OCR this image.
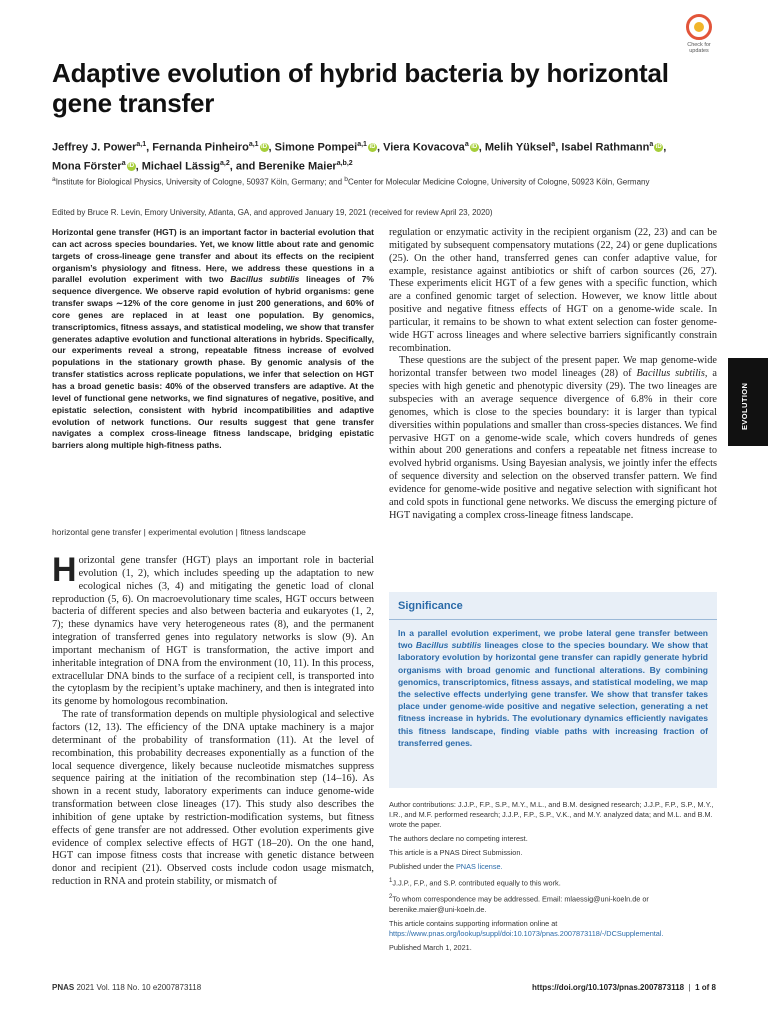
Check for updates
Adaptive evolution of hybrid bacteria by horizontal gene transfer
Jeffrey J. Power$^{a,1}$, Fernanda Pinheiro$^{a,1}$ iD , Simone Pompei$^{a,1}$ iD , Viera Kovacova$^a$ iD , Melih Yüksel$^a$, Isabel Rathmann$^a$ iD , Mona Förster$^a$ iD , Michael Lässig$^{a,2}$, and Berenike Maier$^{a,b,2}$
$^a$Institute for Biological Physics, University of Cologne, 50937 Köln, Germany; and $^b$Center for Molecular Medicine Cologne, University of Cologne, 50923 Köln, Germany
Edited by Bruce R. Levin, Emory University, Atlanta, GA, and approved January 19, 2021 (received for review April 23, 2020)
Horizontal gene transfer (HGT) is an important factor in bacterial evolution that can act across species boundaries. Yet, we know little about rate and genomic targets of cross-lineage gene transfer and about its effects on the recipient organism’s physiology and fitness. Here, we address these questions in a parallel evolution experiment with two Bacillus subtilis lineages of 7% sequence divergence. We observe rapid evolution of hybrid organisms: gene transfer swaps ∼12% of the core genome in just 200 generations, and 60% of core genes are replaced in at least one population. By genomics, transcriptomics, fitness assays, and statistical modeling, we show that transfer generates adaptive evolution and functional alterations in hybrids. Specifically, our experiments reveal a strong, repeatable fitness increase of evolved populations in the stationary growth phase. By genomic analysis of the transfer statistics across replicate populations, we infer that selection on HGT has a broad genetic basis: 40% of the observed transfers are adaptive. At the level of functional gene networks, we find signatures of negative, positive, and epistatic selection, consistent with hybrid incompatibilities and adaptive evolution of network functions. Our results suggest that gene transfer navigates a complex cross-lineage fitness landscape, bridging epistatic barriers along multiple high-fitness paths.
horizontal gene transfer | experimental evolution | fitness landscape

Horizontal gene transfer (HGT) plays an important role in bacterial evolution (1, 2), which includes speeding up the adaptation to new ecological niches (3, 4) and mitigating the genetic load of clonal reproduction (5, 6). On macroevolutionary time scales, HGT occurs between bacteria of different species and also between bacteria and eukaryotes (1, 2, 7); these dynamics have very heterogeneous rates (8), and the permanent integration of transferred genes into regulatory networks is slow (9). An important mechanism of HGT is transformation, the active import and inheritable integration of DNA from the environment (10, 11). In this process, extracellular DNA binds to the surface of a recipient cell, is transported into the cytoplasm by the recipient’s uptake machinery, and then is integrated into its genome by homologous recombination.

The rate of transformation depends on multiple physiological and selective factors (12, 13). The efficiency of the DNA uptake machinery is a major determinant of the probability of transformation (11). At the level of recombination, this probability decreases exponentially as a function of the local sequence divergence, likely because nucleotide mismatches suppress sequence pairing at the initiation of the recombination step (14–16). As shown in a recent study, laboratory experiments can induce genome-wide transformation between close lineages (17). This study also describes the inhibition of gene uptake by restriction-modification systems, but fitness effects of gene transfer are not addressed. Other evolution experiments give evidence of complex selective effects of HGT (18–20). On the one hand, HGT can impose fitness costs that increase with genetic distance between donor and recipient (21). Observed costs include codon usage mismatch, reduction in RNA and protein stability, or mismatch of

regulation or enzymatic activity in the recipient organism (22, 23) and can be mitigated by subsequent compensatory mutations (22, 24) or gene duplications (25). On the other hand, transferred genes can confer adaptive value, for example, resistance against antibiotics or shift of carbon sources (26, 27). These experiments elicit HGT of a few genes with a specific function, which are a confined genomic target of selection. However, we know little about positive and negative fitness effects of HGT on a genome-wide scale. In particular, it remains to be shown to what extent selection can foster genome-wide HGT across lineages and where selective barriers significantly constrain recombination.

These questions are the subject of the present paper. We map genome-wide horizontal transfer between two model lineages (28) of Bacillus subtilis, a species with high genetic and phenotypic diversity (29). The two lineages are subspecies with an average sequence divergence of 6.8% in their core genomes, which is close to the species boundary: it is larger than typical diversities within populations and smaller than cross-species distances. We find pervasive HGT on a genome-wide scale, which covers hundreds of genes within about 200 generations and confers a repeatable net fitness increase to evolved hybrid organisms. Using Bayesian analysis, we jointly infer the effects of sequence diversity and selection on the observed transfer pattern. We find evidence for genome-wide positive and negative selection with significant hot and cold spots in functional gene networks. We discuss the emerging picture of HGT navigating a complex cross-lineage fitness landscape.

Significance
In a parallel evolution experiment, we probe lateral gene transfer between two Bacillus subtilis lineages close to the species boundary. We show that laboratory evolution by horizontal gene transfer can rapidly generate hybrid organisms with broad genomic and functional alterations. By combining genomics, transcriptomics, fitness assays, and statistical modeling, we map the selective effects underlying gene transfer. We show that transfer takes place under genome-wide positive and negative selection, generating a net fitness increase in hybrids. The evolutionary dynamics efficiently navigates this fitness landscape, finding viable paths with increasing fraction of transferred genes.

Author contributions: J.J.P., F.P., S.P., M.Y., M.L., and B.M. designed research; J.J.P., F.P., S.P., M.Y., I.R., and M.F. performed research; J.J.P., F.P., S.P., V.K., and M.Y. analyzed data; and M.L. and B.M. wrote the paper.

The authors declare no competing interest.

This article is a PNAS Direct Submission.

Published under the PNAS license.

$^1$J.J.P., F.P., and S.P. contributed equally to this work.

$^2$To whom correspondence may be addressed. Email: mlaessig@uni-koeln.de or berenike.maier@uni-koeln.de.

This article contains supporting information online at https://www.pnas.org/lookup/suppl/doi:10.1073/pnas.2007873118/-/DCSupplemental.

Published March 1, 2021.

EVOLUTION
PNAS 2021 Vol. 118 No. 10 e2007873118	https://doi.org/10.1073/pnas.2007873118 | 1 of 8
